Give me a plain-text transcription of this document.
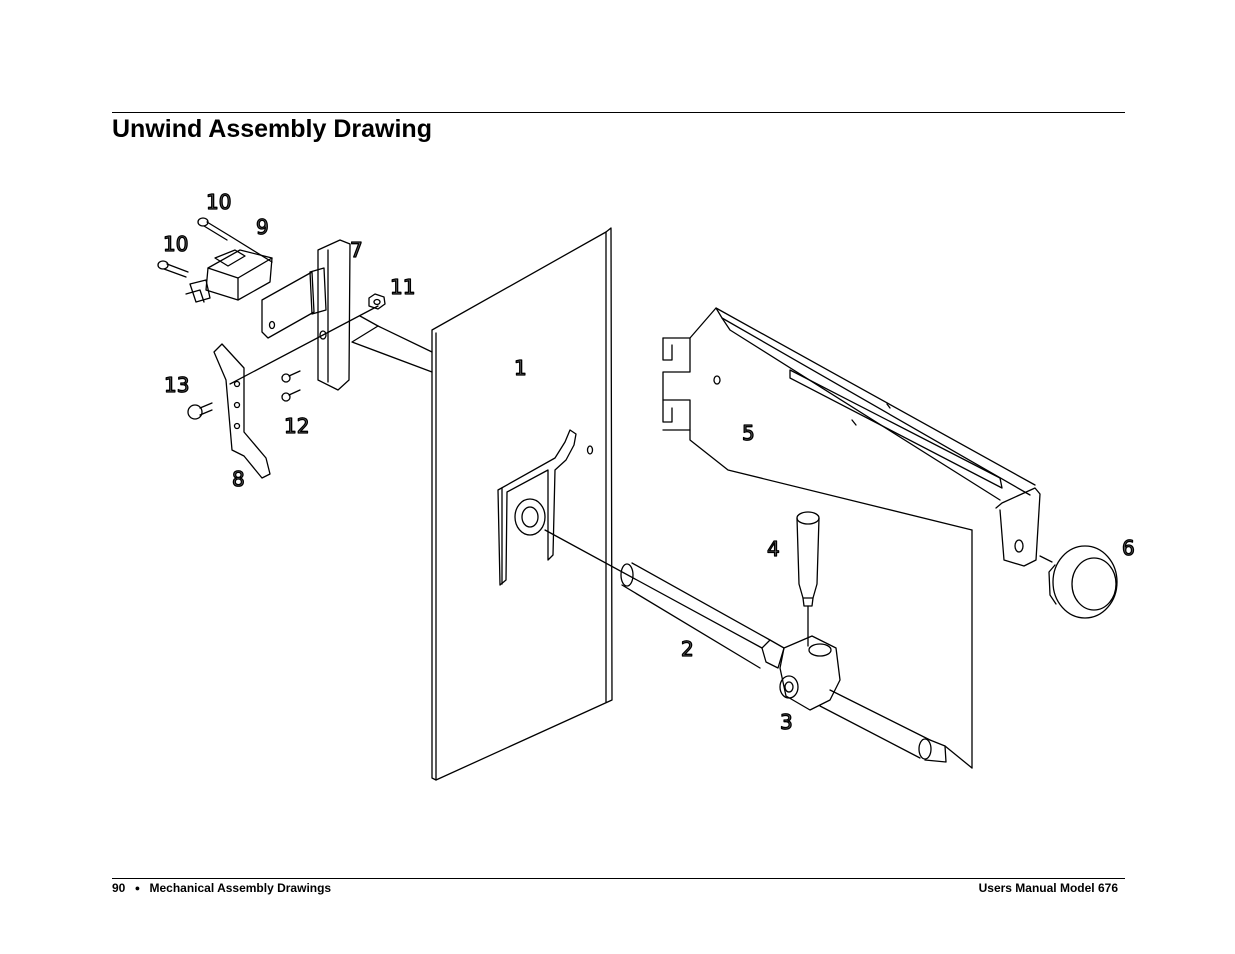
Unwind Assembly Drawing
1
2
3
4
5
6
7
8
9
10
10
11
12
13
90 ● Mechanical Assembly Drawings	Users Manual Model 676
